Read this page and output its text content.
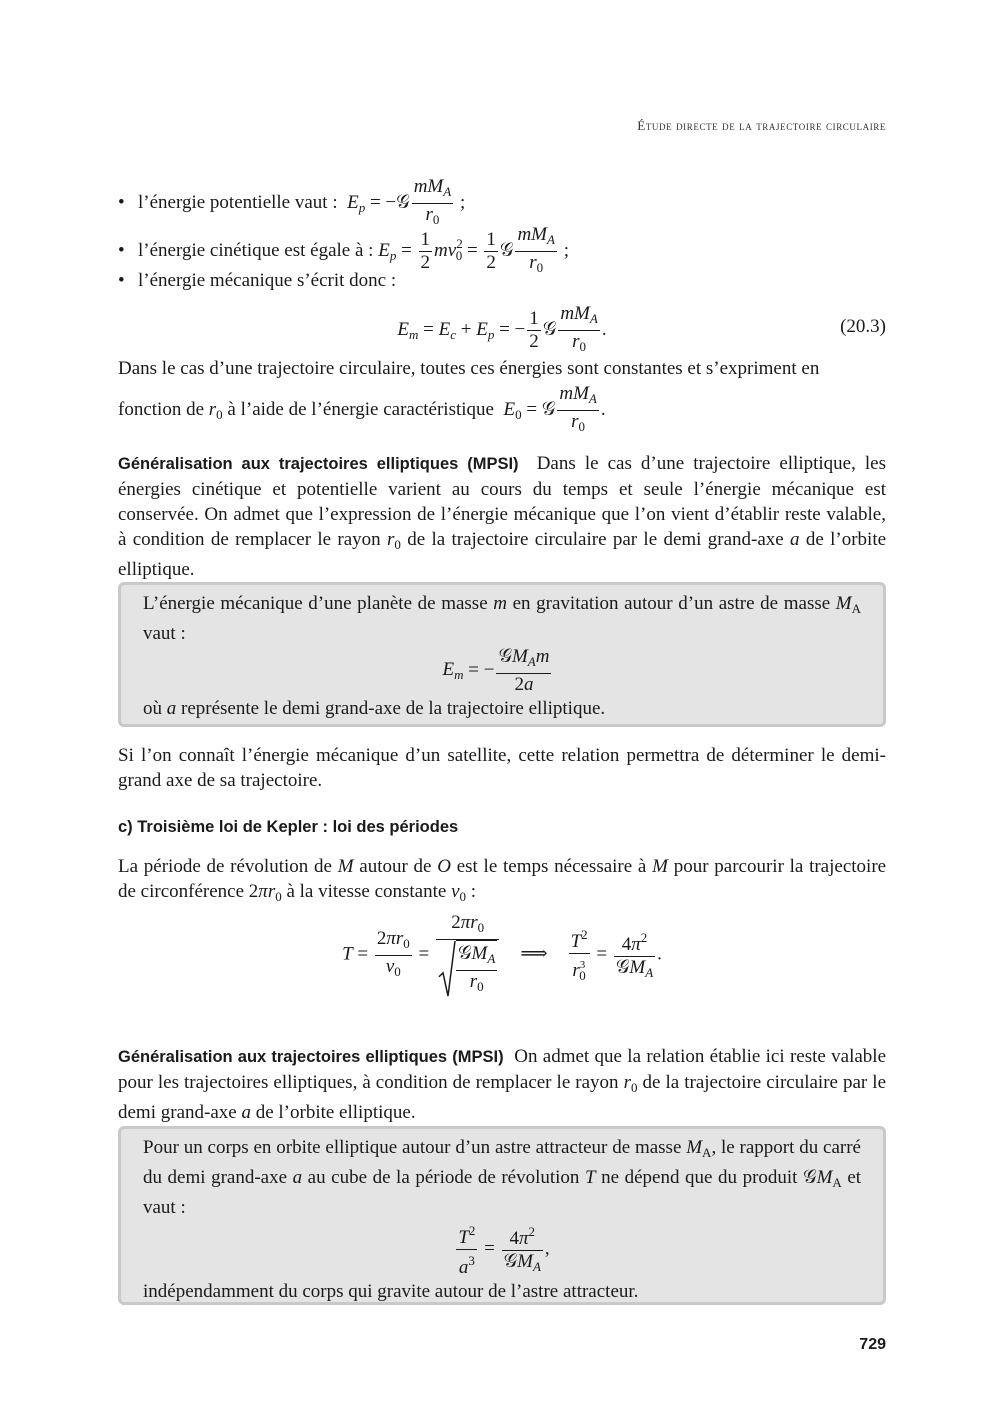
Étude directe de la trajectoire circulaire
• l’énergie potentielle vaut : $E_p$ = −𝒢 $\frac{mM_A}{r_0}$ ;
• l’énergie cinétique est égale à : $E_p = \frac{1}{2} mv^2_0 = \frac{1}{2}$ 𝒢 $\frac{mM_A}{r_0}$ ;
• l’énergie mécanique s’écrit donc :
$E_m = E_c + E_p$ = − $\frac{1}{2}$ 𝒢 $\frac{mM_A}{r_0}$ .	(20.3)
Dans le cas d’une trajectoire circulaire, toutes ces énergies sont constantes et s’expriment en
fonction de $r_0$ à l’aide de l’énergie caractéristique $E_0$ = 𝒢 $\frac{mM_A}{r_0}$ .
Généralisation aux trajectoires elliptiques (MPSI) Dans le cas d’une trajectoire elliptique, les énergies cinétique et potentielle varient au cours du temps et seule l’énergie mécanique est conservée. On admet que l’expression de l’énergie mécanique que l’on vient d’établir reste valable, à condition de remplacer le rayon $r_0$ de la trajectoire circulaire par le demi grand-axe a de l’orbite elliptique.
L’énergie mécanique d’une planète de masse m en gravitation autour d’un astre de masse $M_A$ vaut :
$E_m$ = − $\frac{𝒢M_Am}{2a}$
où a représente le demi grand-axe de la trajectoire elliptique.
Si l’on connaît l’énergie mécanique d’un satellite, cette relation permettra de déterminer le demi-grand axe de sa trajectoire.
c) Troisième loi de Kepler : loi des périodes
La période de révolution de M autour de O est le temps nécessaire à M pour parcourir la trajectoire de circonférence $2\pi r_0$ à la vitesse constante $v_0$ :
$T = \frac{2\pi r_0}{v_0} = \frac{2\pi r_0}{\frac{𝒢M_A}{r_0}}$ ⟹ $\frac{T^2}{r^3_0} = \frac{4\pi^2}{𝒢M_A}$ .
Généralisation aux trajectoires elliptiques (MPSI) On admet que la relation établie ici reste valable pour les trajectoires elliptiques, à condition de remplacer le rayon $r_0$ de la trajectoire circulaire par le demi grand-axe a de l’orbite elliptique.
Pour un corps en orbite elliptique autour d’un astre attracteur de masse $M_A$, le rapport du carré du demi grand-axe a au cube de la période de révolution T ne dépend que du produit 𝒢M$_A$ et vaut :
$\frac{T^2}{a^3} = \frac{4\pi^2}{𝒢M_A}$ ,
indépendamment du corps qui gravite autour de l’astre attracteur.
729
